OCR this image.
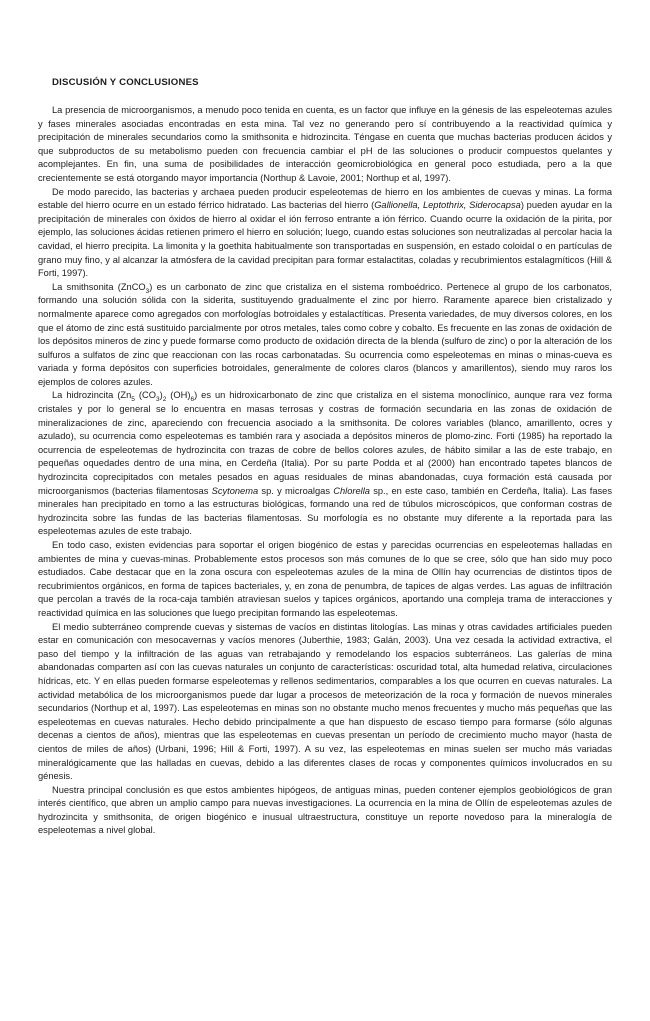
DISCUSIÓN Y CONCLUSIONES

La presencia de microorganismos, a menudo poco tenida en cuenta, es un factor que influye en la génesis de las espeleotemas azules y fases minerales asociadas encontradas en esta mina. Tal vez no generando pero sí contribuyendo a la reactividad química y precipitación de minerales secundarios como la smithsonita e hidrozincita. Téngase en cuenta que muchas bacterias producen ácidos y que subproductos de su metabolismo pueden con frecuencia cambiar el pH de las soluciones o producir compuestos quelantes y acomplejantes. En fin, una suma de posibilidades de interacción geomicrobiológica en general poco estudiada, pero a la que crecientemente se está otorgando mayor importancia (Northup & Lavoie, 2001; Northup et al, 1997).

De modo parecido, las bacterias y archaea pueden producir espeleotemas de hierro en los ambientes de cuevas y minas. La forma estable del hierro ocurre en un estado férrico hidratado. Las bacterias del hierro (Gallionella, Leptothrix, Siderocapsa) pueden ayudar en la precipitación de minerales con óxidos de hierro al oxidar el ión ferroso entrante a ión férrico. Cuando ocurre la oxidación de la pirita, por ejemplo, las soluciones ácidas retienen primero el hierro en solución; luego, cuando estas soluciones son neutralizadas al percolar hacia la cavidad, el hierro precipita. La limonita y la goethita habitualmente son transportadas en suspensión, en estado coloidal o en partículas de grano muy fino, y al alcanzar la atmósfera de la cavidad precipitan para formar estalactitas, coladas y recubrimientos estalagmíticos (Hill & Forti, 1997).

La smithsonita (ZnCO$_3$) es un carbonato de zinc que cristaliza en el sistema romboédrico. Pertenece al grupo de los carbonatos, formando una solución sólida con la siderita, sustituyendo gradualmente el zinc por hierro. Raramente aparece bien cristalizado y normalmente aparece como agregados con morfologías botroidales y estalactíticas. Presenta variedades, de muy diversos colores, en los que el átomo de zinc está sustituido parcialmente por otros metales, tales como cobre y cobalto. Es frecuente en las zonas de oxidación de los depósitos mineros de zinc y puede formarse como producto de oxidación directa de la blenda (sulfuro de zinc) o por la alteración de los sulfuros a sulfatos de zinc que reaccionan con las rocas carbonatadas. Su ocurrencia como espeleotemas en minas o minas-cueva es variada y forma depósitos con superficies botroidales, generalmente de colores claros (blancos y amarillentos), siendo muy raros los ejemplos de colores azules.

La hidrozincita ($Zn_5$ $(CO_3)_2$ $(OH)_6$) es un hidroxicarbonato de zinc que cristaliza en el sistema monoclínico, aunque rara vez forma cristales y por lo general se lo encuentra en masas terrosas y costras de formación secundaria en las zonas de oxidación de mineralizaciones de zinc, apareciendo con frecuencia asociado a la smithsonita. De colores variables (blanco, amarillento, ocres y azulado), su ocurrencia como espeleotemas es también rara y asociada a depósitos mineros de plomo-zinc. Forti (1985) ha reportado la ocurrencia de espeleotemas de hydrozincita con trazas de cobre de bellos colores azules, de hábito similar a las de este trabajo, en pequeñas oquedades dentro de una mina, en Cerdeña (Italia). Por su parte Podda et al (2000) han encontrado tapetes blancos de hydrozincita coprecipitados con metales pesados en aguas residuales de minas abandonadas, cuya formación está causada por microorganismos (bacterias filamentosas Scytonema sp. y microalgas Chlorella sp., en este caso, también en Cerdeña, Italia). Las fases minerales han precipitado en torno a las estructuras biológicas, formando una red de túbulos microscópicos, que conforman costras de hydrozincita sobre las fundas de las bacterias filamentosas. Su morfología es no obstante muy diferente a la reportada para las espeleotemas azules de este trabajo.

En todo caso, existen evidencias para soportar el origen biogénico de estas y parecidas ocurrencias en espeleotemas halladas en ambientes de mina y cuevas-minas. Probablemente estos procesos son más comunes de lo que se cree, sólo que han sido muy poco estudiados. Cabe destacar que en la zona oscura con espeleotemas azules de la mina de Ollín hay ocurrencias de distintos tipos de recubrimientos orgánicos, en forma de tapices bacteriales, y, en zona de penumbra, de tapices de algas verdes. Las aguas de infiltración que percolan a través de la roca-caja también atraviesan suelos y tapices orgánicos, aportando una compleja trama de interacciones y reactividad química en las soluciones que luego precipitan formando las espeleotemas.

El medio subterráneo comprende cuevas y sistemas de vacíos en distintas litologías. Las minas y otras cavidades artificiales pueden estar en comunicación con mesocavernas y vacíos menores (Juberthie, 1983; Galán, 2003). Una vez cesada la actividad extractiva, el paso del tiempo y la infiltración de las aguas van retrabajando y remodelando los espacios subterráneos. Las galerías de mina abandonadas comparten así con las cuevas naturales un conjunto de características: oscuridad total, alta humedad relativa, circulaciones hídricas, etc. Y en ellas pueden formarse espeleotemas y rellenos sedimentarios, comparables a los que ocurren en cuevas naturales. La actividad metabólica de los microorganismos puede dar lugar a procesos de meteorización de la roca y formación de nuevos minerales secundarios (Northup et al, 1997). Las espeleotemas en minas son no obstante mucho menos frecuentes y mucho más pequeñas que las espeleotemas en cuevas naturales. Hecho debido principalmente a que han dispuesto de escaso tiempo para formarse (sólo algunas decenas a cientos de años), mientras que las espeleotemas en cuevas presentan un período de crecimiento mucho mayor (hasta de cientos de miles de años) (Urbani, 1996; Hill & Forti, 1997). A su vez, las espeleotemas en minas suelen ser mucho más variadas mineralógicamente que las halladas en cuevas, debido a las diferentes clases de rocas y componentes químicos involucrados en su génesis.

Nuestra principal conclusión es que estos ambientes hipógeos, de antiguas minas, pueden contener ejemplos geobiológicos de gran interés científico, que abren un amplio campo para nuevas investigaciones. La ocurrencia en la mina de Ollín de espeleotemas azules de hydrozincita y smithsonita, de origen biogénico e inusual ultraestructura, constituye un reporte novedoso para la mineralogía de espeleotemas a nivel global.
